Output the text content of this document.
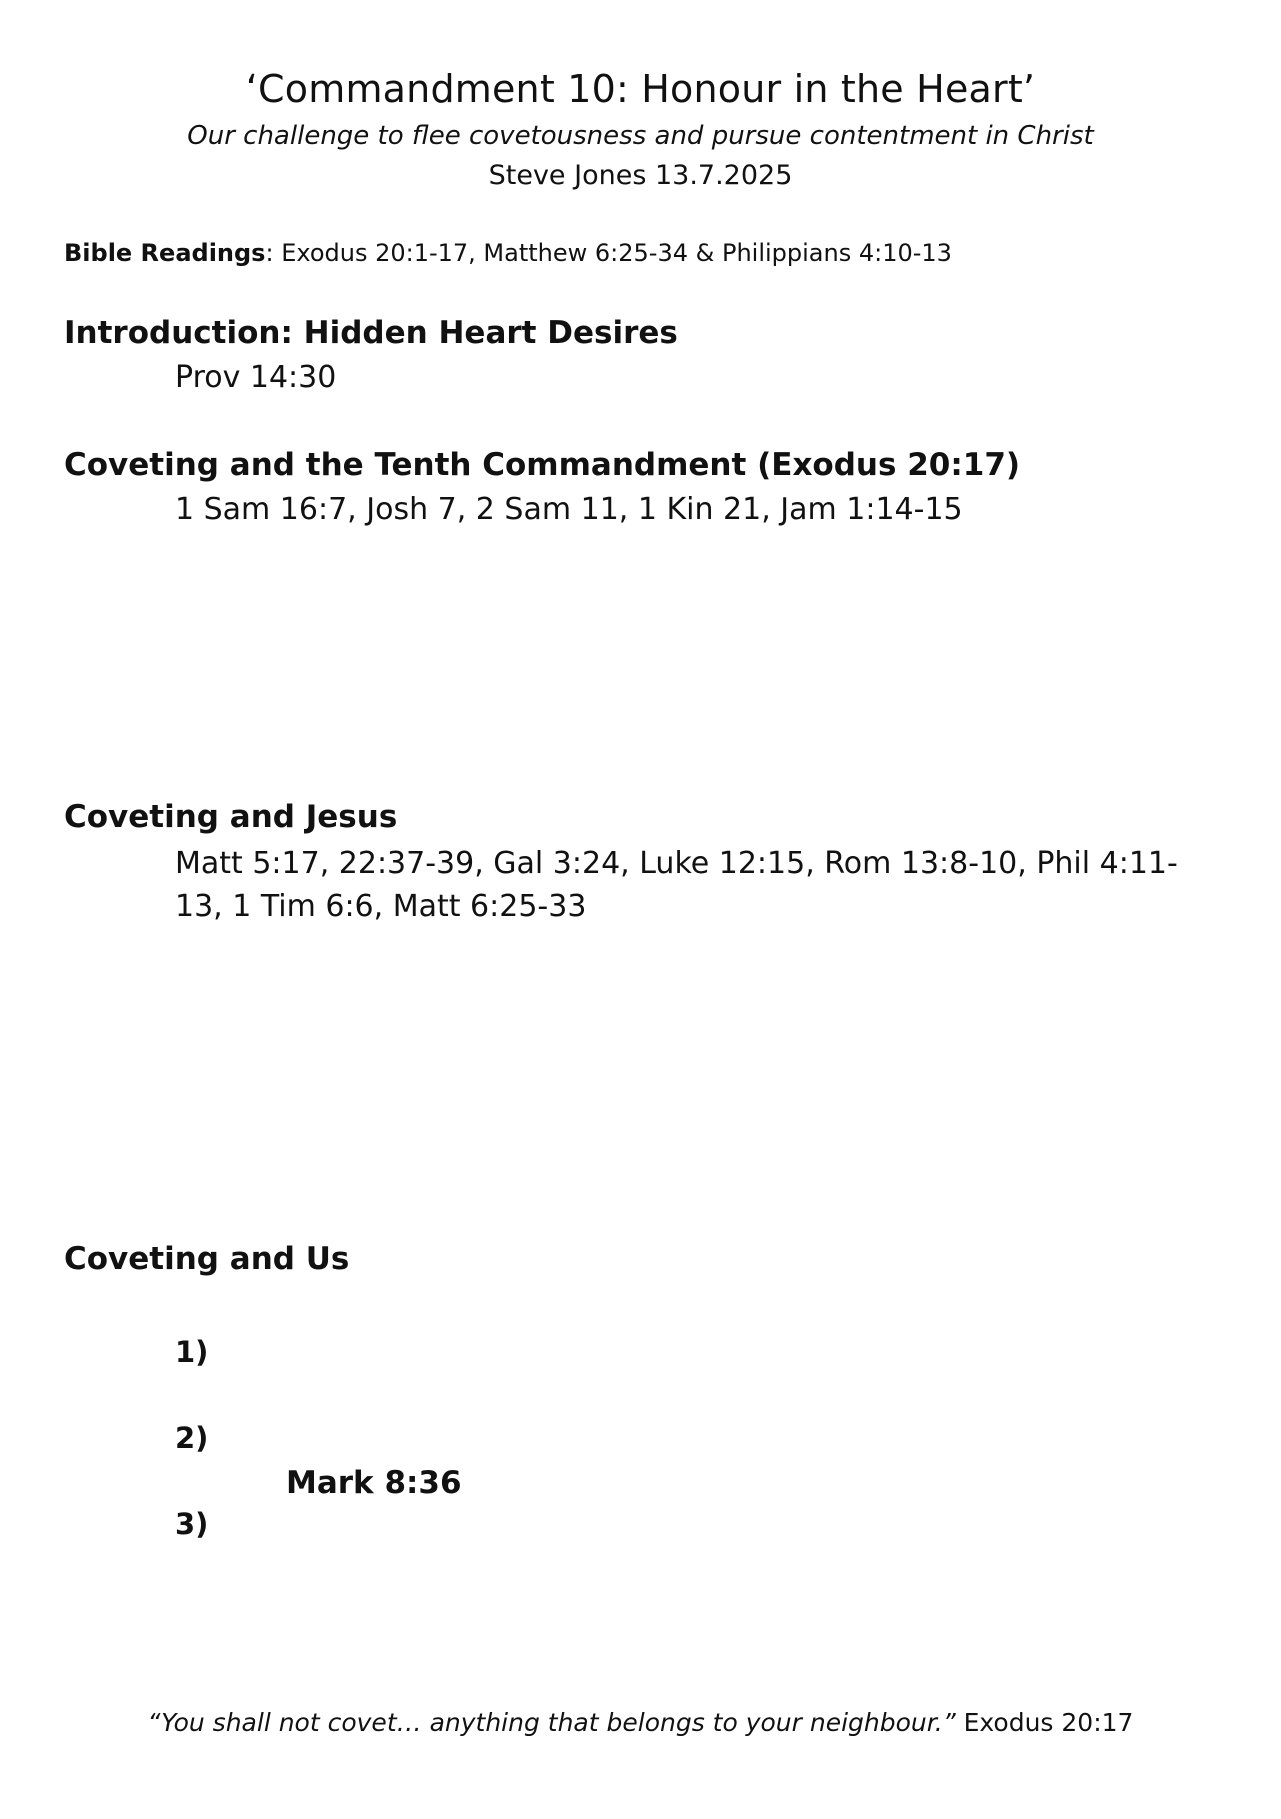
‘Commandment 10: Honour in the Heart’
Our challenge to flee covetousness and pursue contentment in Christ
Steve Jones 13.7.2025
Bible Readings: Exodus 20:1-17, Matthew 6:25-34 & Philippians 4:10-13
Introduction: Hidden Heart Desires
Prov 14:30
Coveting and the Tenth Commandment (Exodus 20:17)
1 Sam 16:7, Josh 7, 2 Sam 11, 1 Kin 21, Jam 1:14-15
Coveting and Jesus
Matt 5:17, 22:37-39, Gal 3:24, Luke 12:15, Rom 13:8-10, Phil 4:11-13, 1 Tim 6:6, Matt 6:25-33
Coveting and Us
1)
2)
Mark 8:36
3)
“You shall not covet… anything that belongs to your neighbour.” Exodus 20:17
